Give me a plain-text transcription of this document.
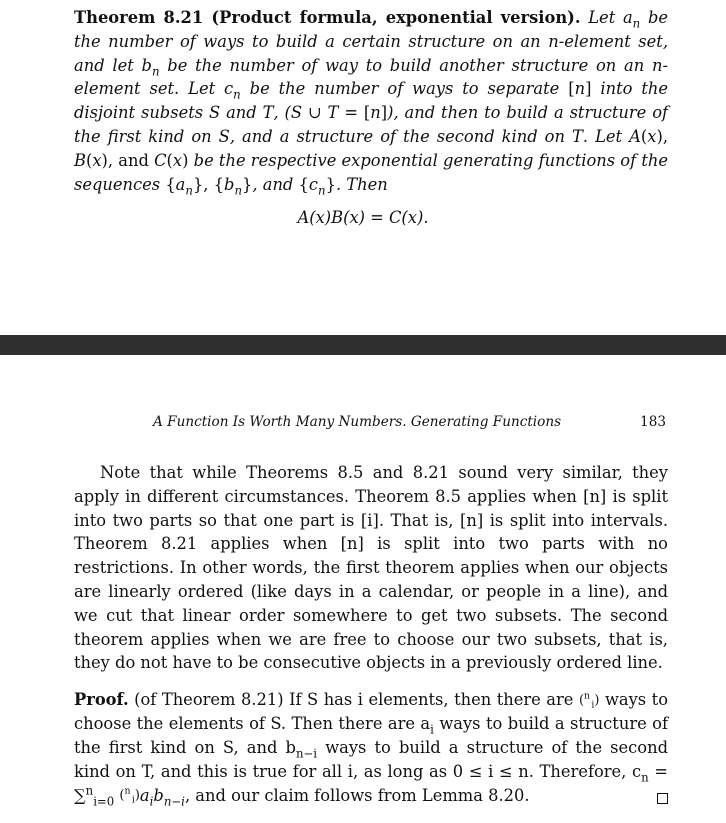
Theorem 8.21 (Product formula, exponential version). Let $a_n$ be the number of ways to build a certain structure on an n-element set, and let $b_n$ be the number of way to build another structure on an n-element set. Let $c_n$ be the number of ways to separate [n] into the disjoint subsets S and T, (S ∪ T = [n]), and then to build a structure of the first kind on S, and a structure of the second kind on T. Let A(x), B(x), and C(x) be the respective exponential generating functions of the sequences $\{a_n\}$, $\{b_n\}$, and $\{c_n\}$. Then
A(x)B(x) = C(x).
A Function Is Worth Many Numbers. Generating Functions	183
Note that while Theorems 8.5 and 8.21 sound very similar, they apply in different circumstances. Theorem 8.5 applies when [n] is split into two parts so that one part is [i]. That is, [n] is split into intervals. Theorem 8.21 applies when [n] is split into two parts with no restrictions. In other words, the first theorem applies when our objects are linearly ordered (like days in a calendar, or people in a line), and we cut that linear order somewhere to get two subsets. The second theorem applies when we are free to choose our two subsets, that is, they do not have to be consecutive objects in a previously ordered line.
Proof. (of Theorem 8.21) If S has i elements, then there are ($^n$ $_i$) ways to choose the elements of S. Then there are $a_i$ ways to build a structure of the first kind on S, and $b_{n-i}$ ways to build a structure of the second kind on T, and this is true for all i, as long as 0 ≤ i ≤ n. Therefore, $c_n = \sum^n_{i=0}$ ($^n$ $_i)a_ib_{n-i}$, and our claim follows from Lemma 8.20.
